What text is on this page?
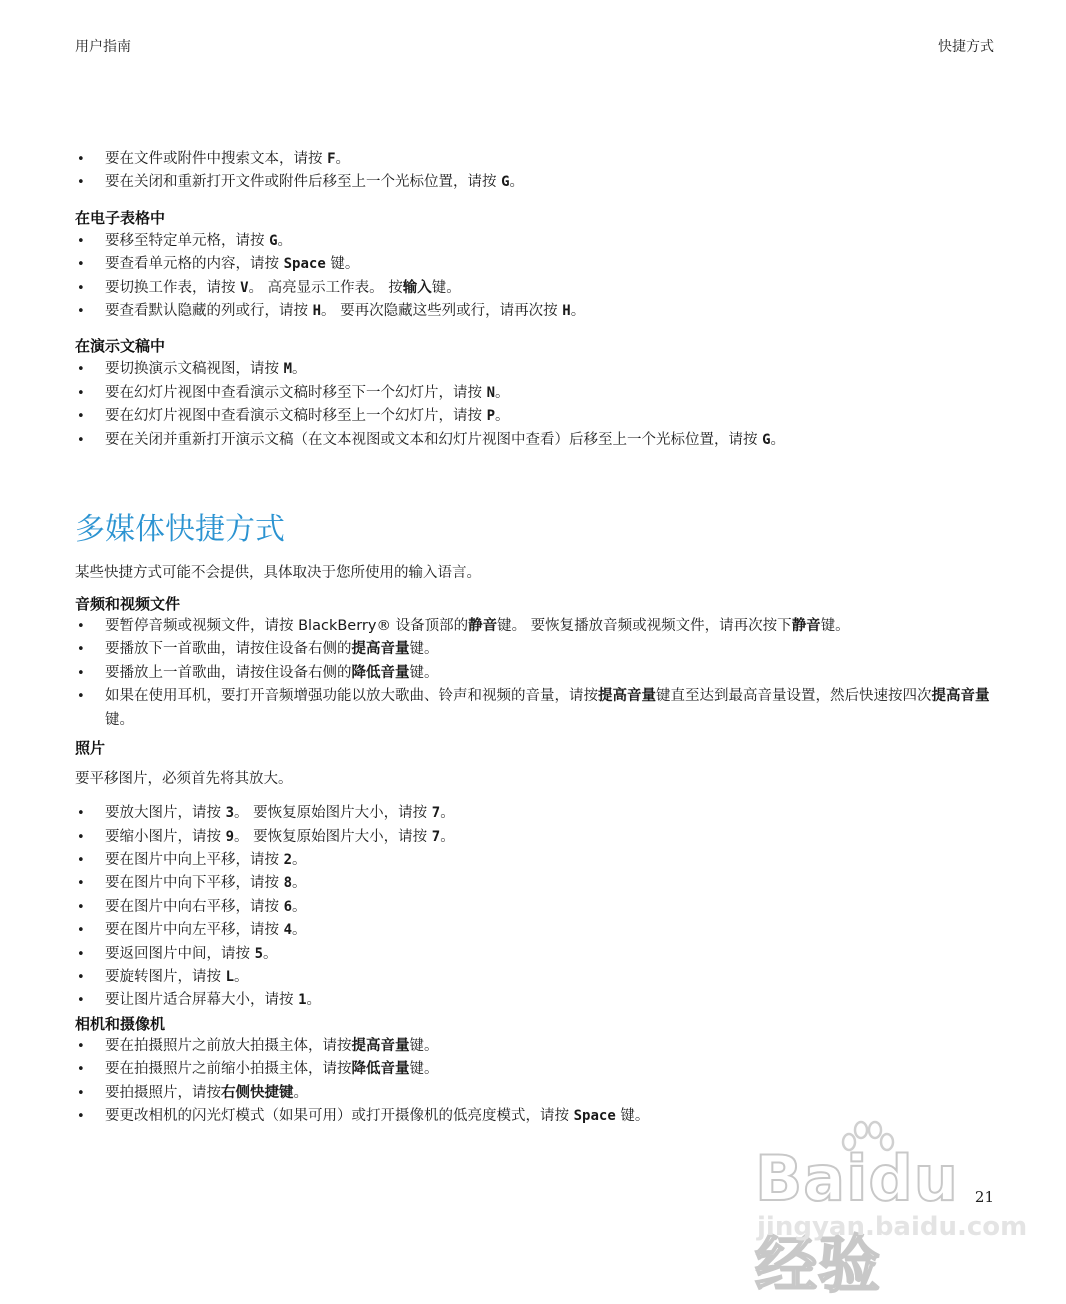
用户指南	快捷方式
• 要在文件或附件中搜索文本，请按 F。
• 要在关闭和重新打开文件或附件后移至上一个光标位置，请按 G。
在电子表格中
• 要移至特定单元格，请按 G。
• 要查看单元格的内容，请按 Space 键。
• 要切换工作表，请按 V。 高亮显示工作表。 按输入键。
• 要查看默认隐藏的列或行，请按 H。 要再次隐藏这些列或行，请再次按 H。
在演示文稿中
• 要切换演示文稿视图，请按 M。
• 要在幻灯片视图中查看演示文稿时移至下一个幻灯片，请按 N。
• 要在幻灯片视图中查看演示文稿时移至上一个幻灯片，请按 P。
• 要在关闭并重新打开演示文稿（在文本视图或文本和幻灯片视图中查看）后移至上一个光标位置，请按 G。
多媒体快捷方式

某些快捷方式可能不会提供，具体取决于您所使用的输入语言。

音频和视频文件
• 要暂停音频或视频文件，请按 BlackBerry® 设备顶部的静音键。 要恢复播放音频或视频文件，请再次按下静音键。
• 要播放下一首歌曲，请按住设备右侧的提高音量键。
• 要播放上一首歌曲，请按住设备右侧的降低音量键。
• 如果在使用耳机，要打开音频增强功能以放大歌曲、铃声和视频的音量，请按提高音量键直至达到最高音量设置，然后快速按四次提高音量键。
照片

要平移图片，必须首先将其放大。

• 要放大图片，请按 3。 要恢复原始图片大小，请按 7。
• 要缩小图片，请按 9。 要恢复原始图片大小，请按 7。
• 要在图片中向上平移，请按 2。
• 要在图片中向下平移，请按 8。
• 要在图片中向右平移，请按 6。
• 要在图片中向左平移，请按 4。
• 要返回图片中间，请按 5。
• 要旋转图片，请按 L。
• 要让图片适合屏幕大小，请按 1。
相机和摄像机
• 要在拍摄照片之前放大拍摄主体，请按提高音量键。
• 要在拍摄照片之前缩小拍摄主体，请按降低音量键。
• 要拍摄照片，请按右侧快捷键。
• 要更改相机的闪光灯模式（如果可用）或打开摄像机的低亮度模式，请按 Space 键。
Baidu经验
jingyan.baidu.com
21
